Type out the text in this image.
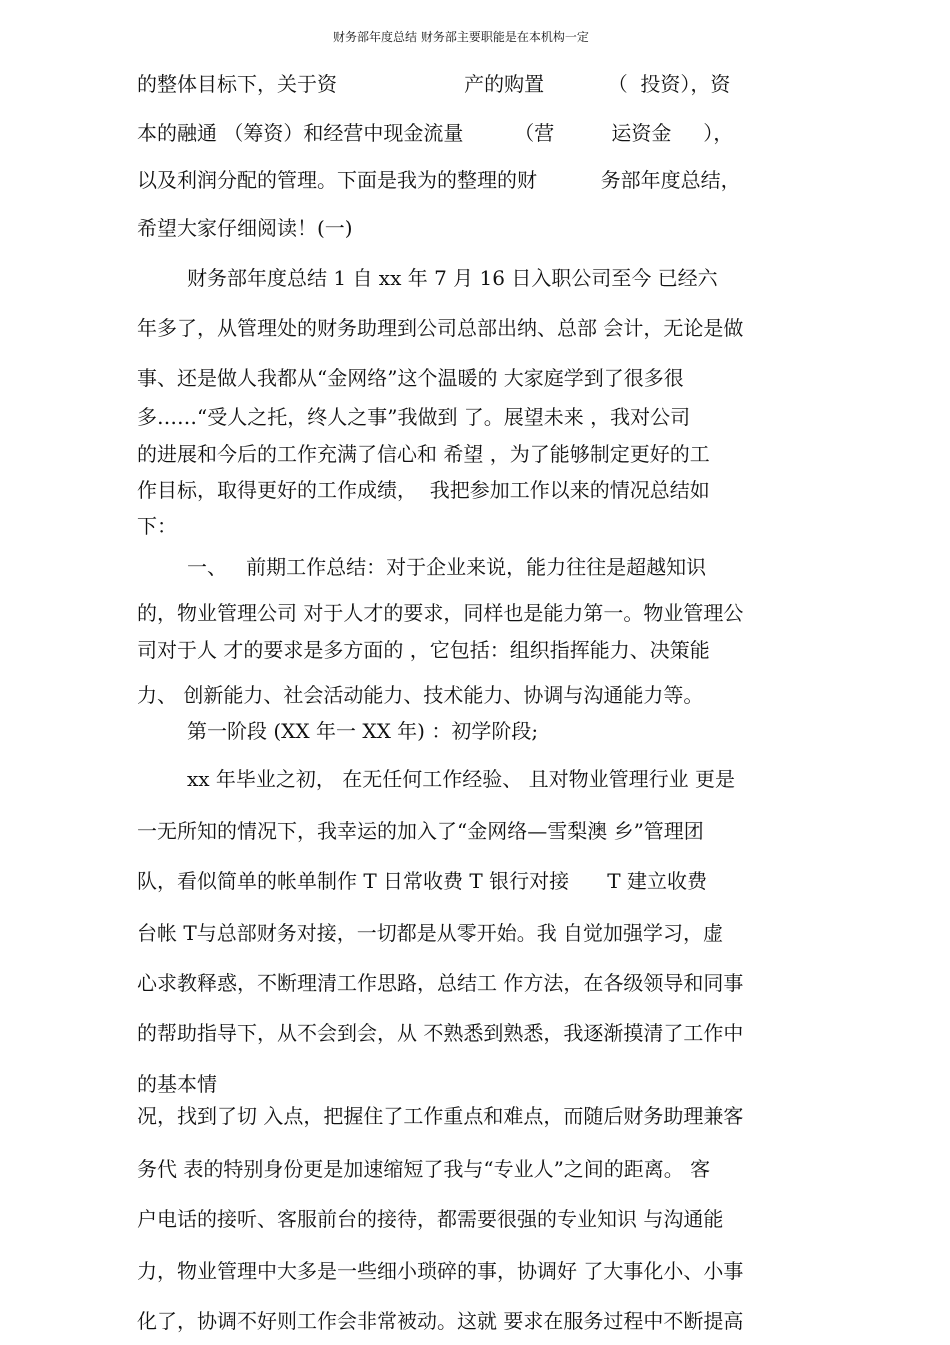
财务部年度总结 财务部主要职能是在本机构一定
的整体目标下，关于资                    产的购置          （  投资），资
本的融通 （筹资）和经营中现金流量        （营         运资金     ），
以及利润分配的管理。下面是我为的整理的财          务部年度总结，
希望大家仔细阅读！(一)
财务部年度总结 1 自 xx 年 7 月 16 日入职公司至今 已经六
年多了，从管理处的财务助理到公司总部出纳、总部 会计，无论是做
事、还是做人我都从“金网络”这个温暖的 大家庭学到了很多很
多……“受人之托，终人之事”我做到 了。展望未来 ，我对公司
的进展和今后的工作充满了信心和 希望 ，为了能够制定更好的工
作目标，取得更好的工作成绩，  我把参加工作以来的情况总结如
下：
一、   前期工作总结：对于企业来说，能力往往是超越知识
的，物业管理公司 对于人才的要求，同样也是能力第一。物业管理公
司对于人 才的要求是多方面的 ，它包括：组织指挥能力、决策能
力、 创新能力、社会活动能力、技术能力、协调与沟通能力等。
第一阶段 (XX 年一 XX 年) ：初学阶段;
xx 年毕业之初， 在无任何工作经验、 且对物业管理行业 更是
一无所知的情况下，我幸运的加入了“金网络—雪梨澳 乡”管理团
队，看似简单的帐单制作 T 日常收费 T 银行对接      T 建立收费
台帐 T与总部财务对接，一切都是从零开始。我 自觉加强学习，虚
心求教释惑，不断理清工作思路，总结工 作方法，在各级领导和同事
的帮助指导下，从不会到会，从 不熟悉到熟悉，我逐渐摸清了工作中
的基本情
况，找到了切 入点，把握住了工作重点和难点，而随后财务助理兼客
务代 表的特别身份更是加速缩短了我与“专业人”之间的距离。 客
户电话的接听、客服前台的接待，都需要很强的专业知识 与沟通能
力，物业管理中大多是一些细小琐碎的事，协调好 了大事化小、小事
化了，协调不好则工作会非常被动。这就 要求在服务过程中不断提高
